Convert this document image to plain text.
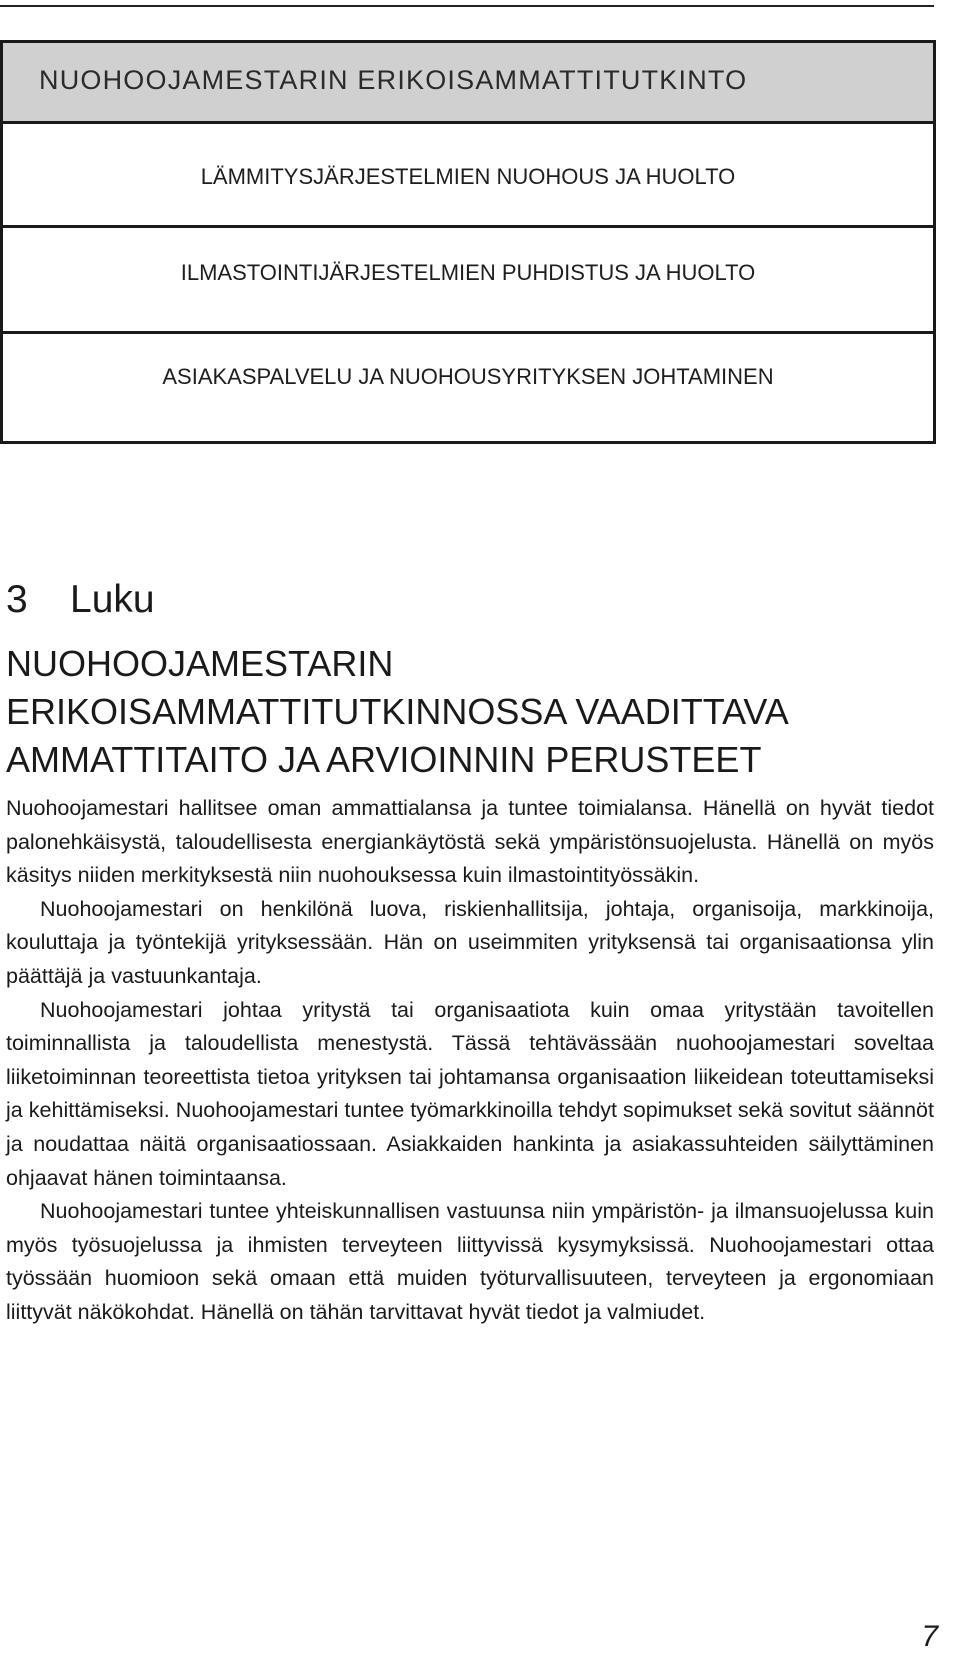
NUOHOOJAMESTARIN ERIKOISAMMATTITUTKINTO
LÄMMITYSJÄRJESTELMIEN NUOHOUS JA HUOLTO
ILMASTOINTIJÄRJESTELMIEN PUHDISTUS JA HUOLTO
ASIAKASPALVELU JA NUOHOUSYRITYKSEN JOHTAMINEN
3 Luku
NUOHOOJAMESTARIN
ERIKOISAMMATTITUTKINNOSSA VAADITTAVA
AMMATTITAITO JA ARVIOINNIN PERUSTEET

Nuohoojamestari hallitsee oman ammattialansa ja tuntee toimialansa. Hänellä on hyvät tiedot palonehkäisystä, taloudellisesta energiankäytöstä sekä ympäristönsuojelusta. Hänellä on myös käsitys niiden merkityksestä niin nuohouksessa kuin ilmastointityössäkin.

Nuohoojamestari on henkilönä luova, riskienhallitsija, johtaja, organisoija, markkinoija, kouluttaja ja työntekijä yrityksessään. Hän on useimmiten yrityksensä tai organisaationsa ylin päättäjä ja vastuunkantaja.

Nuohoojamestari johtaa yritystä tai organisaatiota kuin omaa yritystään tavoitellen toiminnallista ja taloudellista menestystä. Tässä tehtävässään nuohoojamestari soveltaa liiketoiminnan teoreettista tietoa yrityksen tai johtamansa organisaation liikeidean toteuttamiseksi ja kehittämiseksi. Nuohoojamestari tuntee työmarkkinoilla tehdyt sopimukset sekä sovitut säännöt ja noudattaa näitä organisaatiossaan. Asiakkaiden hankinta ja asiakassuhteiden säilyttäminen ohjaavat hänen toimintaansa.

Nuohoojamestari tuntee yhteiskunnallisen vastuunsa niin ympäristön- ja ilmansuojelussa kuin myös työsuojelussa ja ihmisten terveyteen liittyvissä kysymyksissä. Nuohoojamestari ottaa työssään huomioon sekä omaan että muiden työturvallisuuteen, terveyteen ja ergonomiaan liittyvät näkökohdat. Hänellä on tähän tarvittavat hyvät tiedot ja valmiudet.

7
